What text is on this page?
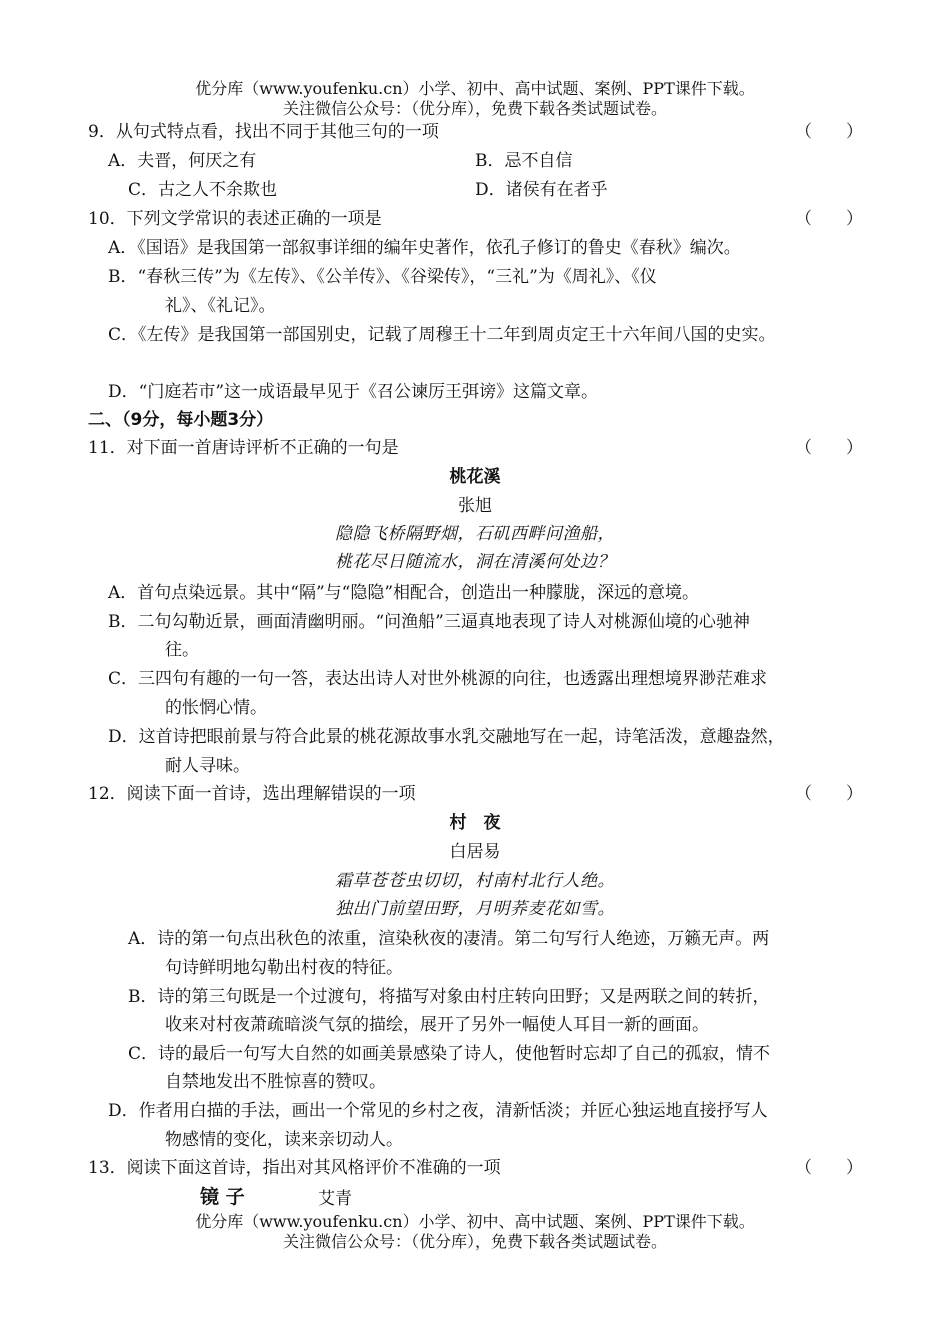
优分库（www.youfenku.cn）小学、初中、高中试题、案例、PPT课件下载。
关注微信公众号：（优分库），免费下载各类试题试卷。
9．从句式特点看，找出不同于其他三句的一项	（　　）
A．夫晋，何厌之有	B．忌不自信
C．古之人不余欺也	D．诸侯有在者乎
10．下列文学常识的表述正确的一项是	（　　）
A．《国语》是我国第一部叙事详细的编年史著作，依孔子修订的鲁史《春秋》编次。
B．“春秋三传”为《左传》、《公羊传》、《谷梁传》，“三礼”为《周礼》、《仪
礼》、《礼记》。
C．《左传》是我国第一部国别史，记载了周穆王十二年到周贞定王十六年间八国的史实。
D．“门庭若市”这一成语最早见于《召公谏厉王弭谤》这篇文章。
二、（9分，每小题3分）
11．对下面一首唐诗评析不正确的一句是	（　　）
桃花溪
张旭
隐隐飞桥隔野烟，石矶西畔问渔船，
桃花尽日随流水，洞在清溪何处边？
A．首句点染远景。其中“隔”与“隐隐”相配合，创造出一种朦胧，深远的意境。
B．二句勾勒近景，画面清幽明丽。“问渔船”三逼真地表现了诗人对桃源仙境的心驰神
往。
C．三四句有趣的一句一答，表达出诗人对世外桃源的向往，也透露出理想境界渺茫难求
的怅惘心情。
D．这首诗把眼前景与符合此景的桃花源故事水乳交融地写在一起，诗笔活泼，意趣盎然，
耐人寻味。
12．阅读下面一首诗，选出理解错误的一项	（　　）
村　夜
白居易
霜草苍苍虫切切，村南村北行人绝。
独出门前望田野，月明荞麦花如雪。
A．诗的第一句点出秋色的浓重，渲染秋夜的凄清。第二句写行人绝迹，万籁无声。两
句诗鲜明地勾勒出村夜的特征。
B．诗的第三句既是一个过渡句，将描写对象由村庄转向田野；又是两联之间的转折，
收来对村夜萧疏暗淡气氛的描绘，展开了另外一幅使人耳目一新的画面。
C．诗的最后一句写大自然的如画美景感染了诗人，使他暂时忘却了自己的孤寂，情不
自禁地发出不胜惊喜的赞叹。
D．作者用白描的手法，画出一个常见的乡村之夜，清新恬淡；并匠心独运地直接抒写人
物感情的变化，读来亲切动人。
13．阅读下面这首诗，指出对其风格评价不准确的一项	（　　）
镜 子	艾青
优分库（www.youfenku.cn）小学、初中、高中试题、案例、PPT课件下载。
关注微信公众号：（优分库），免费下载各类试题试卷。
